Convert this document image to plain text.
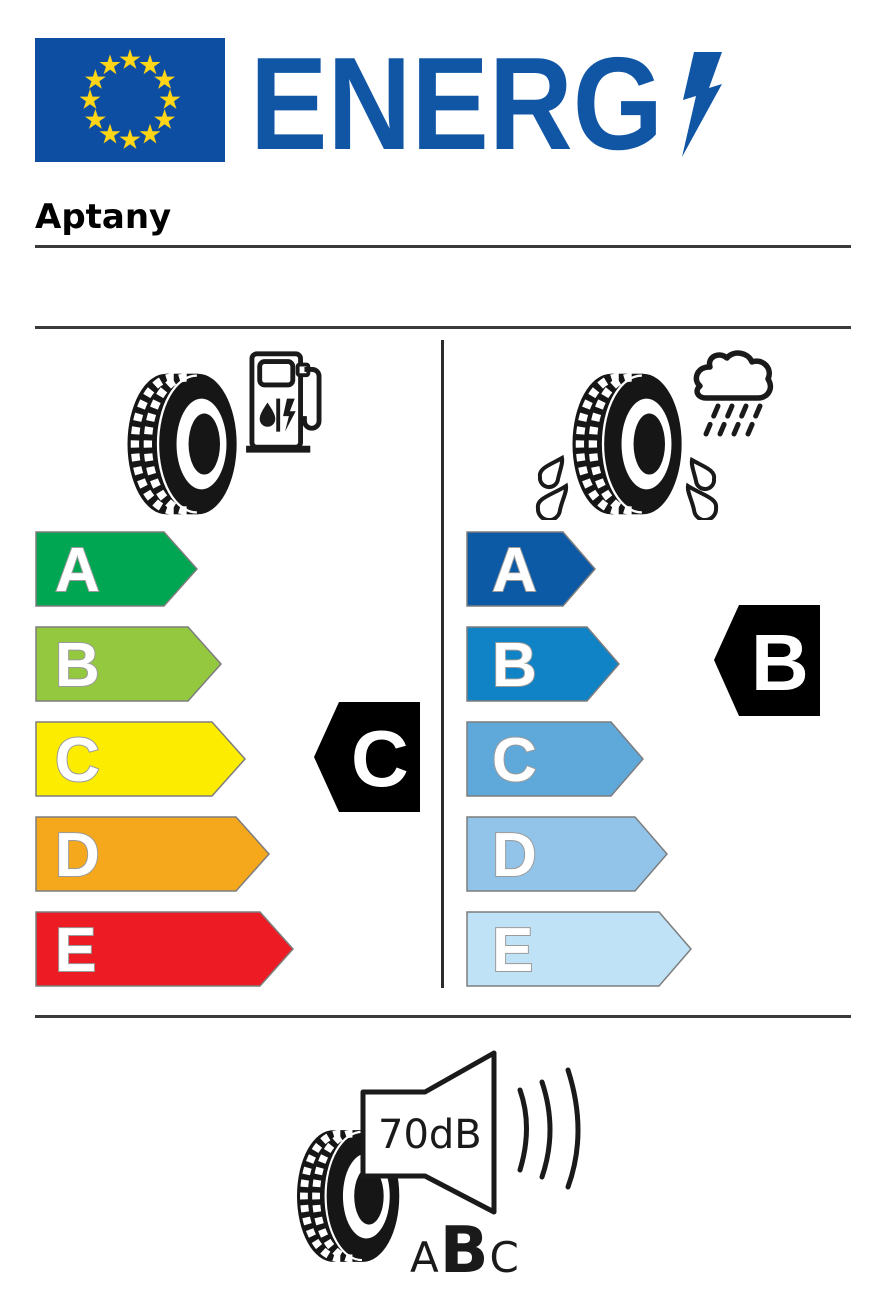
ENERG
Aptany
A
B
C
D
E
C
A
B
C
D
E
B
70dB
A B C
